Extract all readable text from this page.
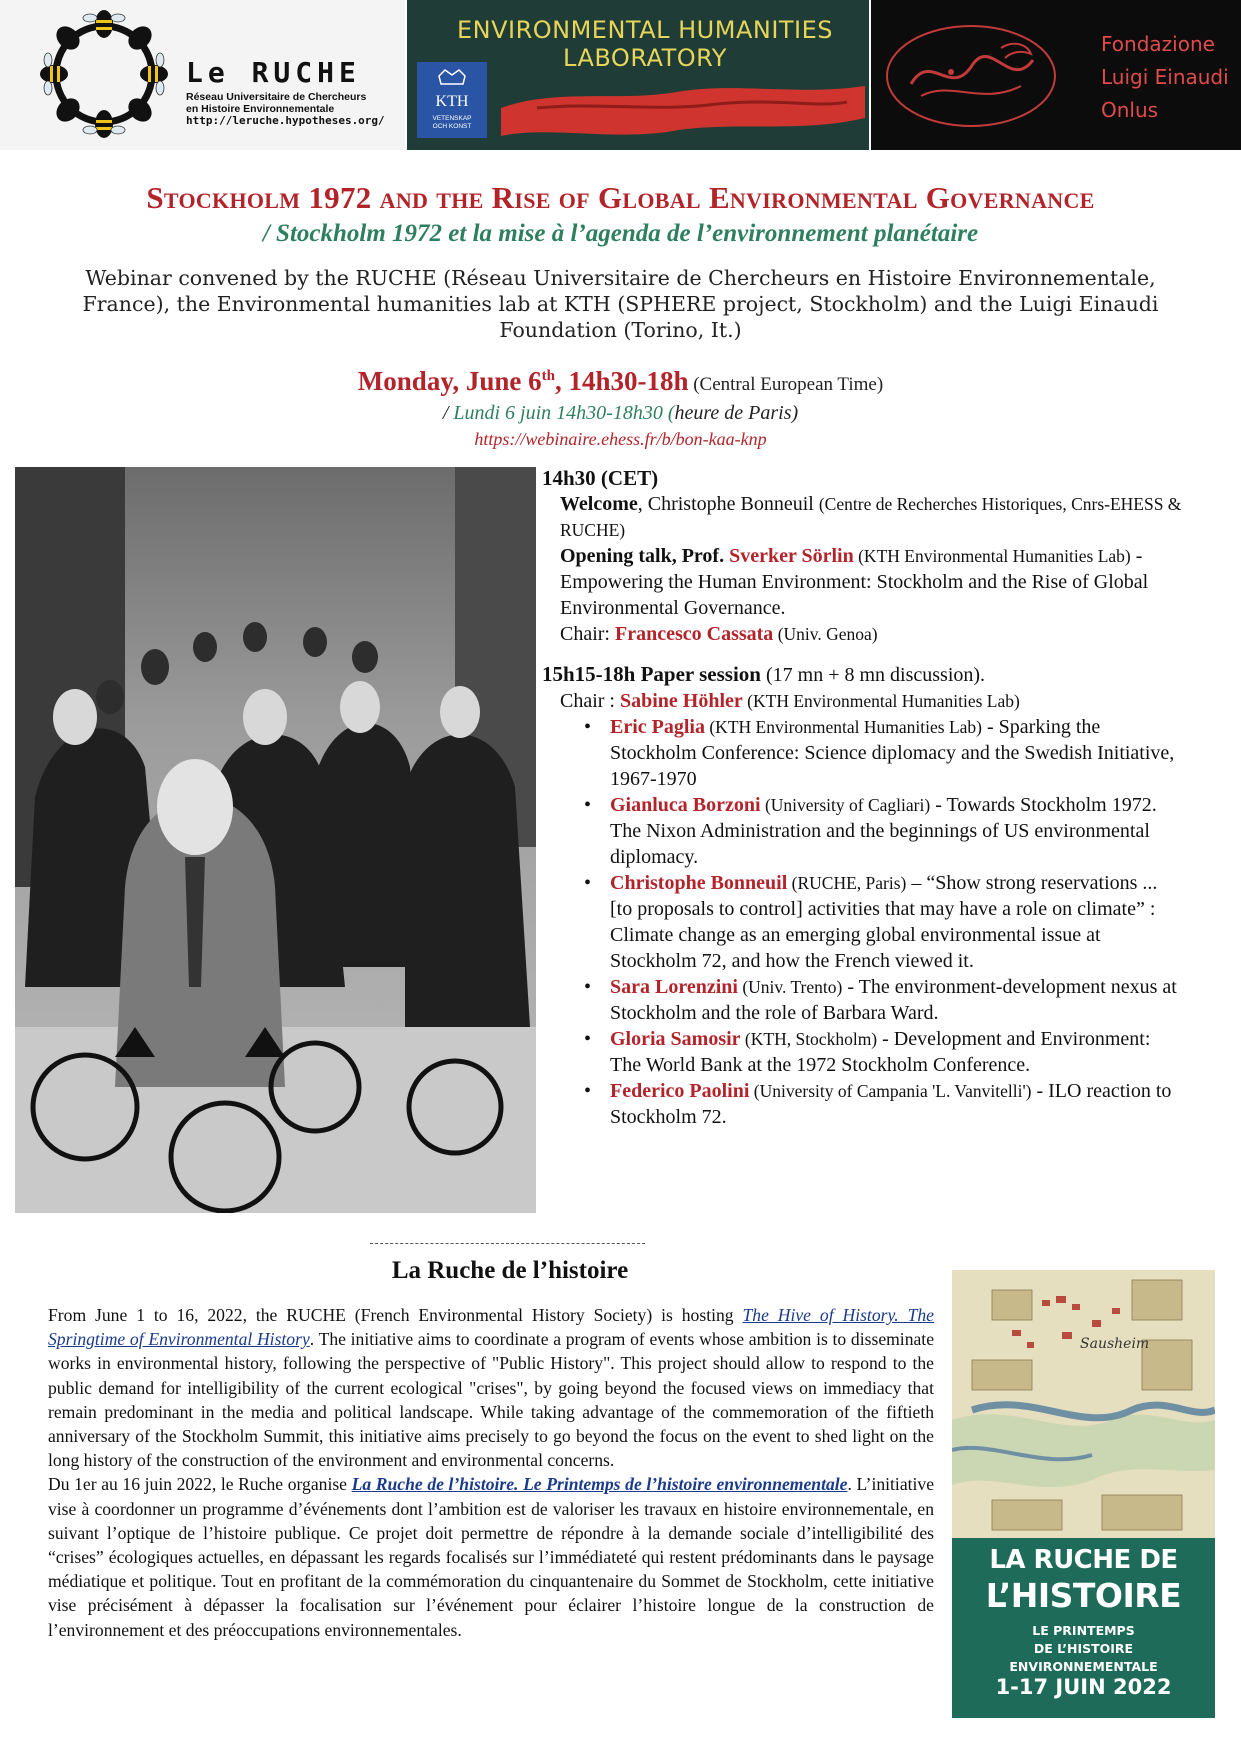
Le RUCHE
Réseau Universitaire de Chercheurs
en Histoire Environnementale
http://leruche.hypotheses.org/
ENVIRONMENTAL HUMANITIES
LABORATORY
KTH
VETENSKAP
OCH KONST
Fondazione
Luigi Einaudi
Onlus
Stockholm 1972 and the Rise of Global Environmental Governance
/ Stockholm 1972 et la mise à l’agenda de l’environnement planétaire
Webinar convened by the RUCHE (Réseau Universitaire de Chercheurs en Histoire Environnementale, France), the Environmental humanities lab at KTH (SPHERE project, Stockholm) and the Luigi Einaudi Foundation (Torino, It.)
Monday, June 6th, 14h30-18h (Central European Time)
/ Lundi 6 juin 14h30-18h30 (heure de Paris)
https://webinaire.ehess.fr/b/bon-kaa-knp
14h30 (CET)
Welcome, Christophe Bonneuil (Centre de Recherches Historiques, Cnrs-EHESS & RUCHE)
Opening talk, Prof. Sverker Sörlin (KTH Environmental Humanities Lab) - Empowering the Human Environment: Stockholm and the Rise of Global Environmental Governance.
Chair: Francesco Cassata (Univ. Genoa)
15h15-18h Paper session (17 mn + 8 mn discussion).
Chair : Sabine Höhler (KTH Environmental Humanities Lab)
• Eric Paglia (KTH Environmental Humanities Lab) - Sparking the Stockholm Conference: Science diplomacy and the Swedish Initiative, 1967-1970
• Gianluca Borzoni (University of Cagliari) - Towards Stockholm 1972. The Nixon Administration and the beginnings of US environmental diplomacy.
• Christophe Bonneuil (RUCHE, Paris) – “Show strong reservations ... [to proposals to control] activities that may have a role on climate” : Climate change as an emerging global environmental issue at Stockholm 72, and how the French viewed it.
• Sara Lorenzini (Univ. Trento) - The environment-development nexus at Stockholm and the role of Barbara Ward.
• Gloria Samosir (KTH, Stockholm) - Development and Environment: The World Bank at the 1972 Stockholm Conference.
• Federico Paolini (University of Campania 'L. Vanvitelli') - ILO reaction to Stockholm 72.
La Ruche de l’histoire

From June 1 to 16, 2022, the RUCHE (French Environmental History Society) is hosting The Hive of History. The Springtime of Environmental History. The initiative aims to coordinate a program of events whose ambition is to disseminate works in environmental history, following the perspective of "Public History". This project should allow to respond to the public demand for intelligibility of the current ecological "crises", by going beyond the focused views on immediacy that remain predominant in the media and political landscape. While taking advantage of the commemoration of the fiftieth anniversary of the Stockholm Summit, this initiative aims precisely to go beyond the focus on the event to shed light on the long history of the construction of the environment and environmental concerns.

Du 1er au 16 juin 2022, le Ruche organise La Ruche de l’histoire. Le Printemps de l’histoire environnementale. L’initiative vise à coordonner un programme d’événements dont l’ambition est de valoriser les travaux en histoire environnementale, en suivant l’optique de l’histoire publique. Ce projet doit permettre de répondre à la demande sociale d’intelligibilité des “crises” écologiques actuelles, en dépassant les regards focalisés sur l’immédiateté qui restent prédominants dans le paysage médiatique et politique. Tout en profitant de la commémoration du cinquantenaire du Sommet de Stockholm, cette initiative vise précisément à dépasser la focalisation sur l’événement pour éclairer l’histoire longue de la construction de l’environnement et des préoccupations environnementales.

Sausheim
LA RUCHE DE
L’HISTOIRE
LE PRINTEMPS
DE L’HISTOIRE
ENVIRONNEMENTALE
1-17 JUIN 2022
